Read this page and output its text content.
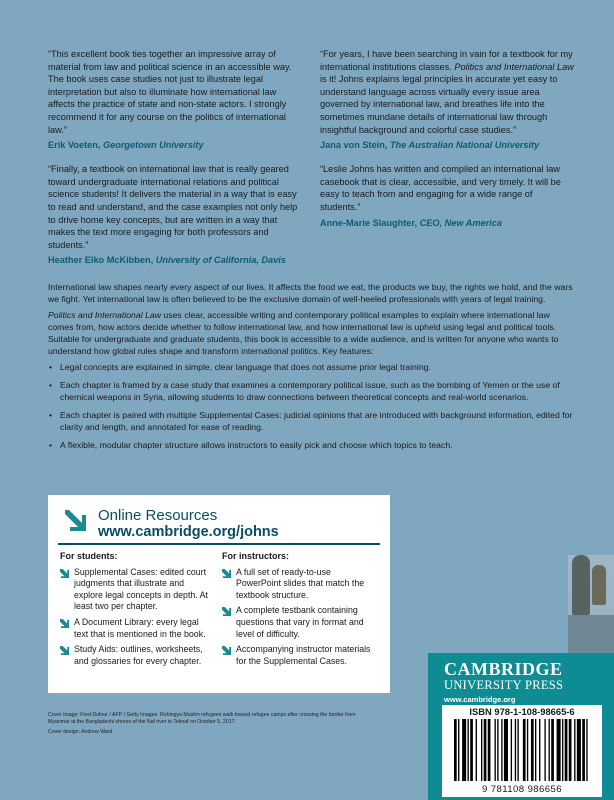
“This excellent book ties together an impressive array of material from law and political science in an accessible way. The book uses case studies not just to illustrate legal interpretation but also to illuminate how international law affects the practice of state and non-state actors. I strongly recommend it for any course on the politics of international law.”

Erik Voeten, Georgetown University

“Finally, a textbook on international law that is really geared toward undergraduate international relations and political science students! It delivers the material in a way that is easy to read and understand, and the case examples not only help to drive home key concepts, but are written in a way that makes the text more engaging for both professors and students.”

Heather Elko McKibben, University of California, Davis

“For years, I have been searching in vain for a textbook for my international institutions classes. Politics and International Law is it! Johns explains legal principles in accurate yet easy to understand language across virtually every issue area governed by international law, and breathes life into the sometimes mundane details of international law through insightful background and colorful case studies.”

Jana von Stein, The Australian National University

“Leslie Johns has written and compiled an international law casebook that is clear, accessible, and very timely. It will be easy to teach from and engaging for a wide range of students.”

Anne-Marie Slaughter, CEO, New America

International law shapes nearly every aspect of our lives. It affects the food we eat, the products we buy, the rights we hold, and the wars we fight. Yet international law is often believed to be the exclusive domain of well-heeled professionals with years of legal training.

Politics and International Law uses clear, accessible writing and contemporary political examples to explain where international law comes from, how actors decide whether to follow international law, and how international law is upheld using legal and political tools. Suitable for undergraduate and graduate students, this book is accessible to a wide audience, and is written for anyone who wants to understand how global rules shape and transform international politics. Key features:

• Legal concepts are explained in simple, clear language that does not assume prior legal training.
• Each chapter is framed by a case study that examines a contemporary political issue, such as the bombing of Yemen or the use of chemical weapons in Syria, allowing students to draw connections between theoretical concepts and real-world scenarios.
• Each chapter is paired with multiple Supplemental Cases: judicial opinions that are introduced with background information, edited for clarity and length, and annotated for ease of reading.
• A flexible, modular chapter structure allows instructors to easily pick and choose which topics to teach.
Online Resources
www.cambridge.org/johns
For students:
Supplemental Cases: edited court judgments that illustrate and explore legal concepts in depth. At least two per chapter.
A Document Library: every legal text that is mentioned in the book.
Study Aids: outlines, worksheets, and glossaries for every chapter.
For instructors:
A full set of ready-to-use PowerPoint slides that match the textbook structure.
A complete testbank containing questions that vary in format and level of difficulty.
Accompanying instructor materials for the Supplemental Cases.

Cover image: Fred Dufour / AFP / Getty Images. Rohingya Muslim refugees walk toward refugee camps after crossing the border from Myanmar at the Bangladeshi shores of the Naf river in Teknaf on October 5, 2017.

Cover design: Andrew Ward

CAMBRIDGE
UNIVERSITY PRESS
www.cambridge.org
ISBN 978-1-108-98665-6
9 781108 986656
